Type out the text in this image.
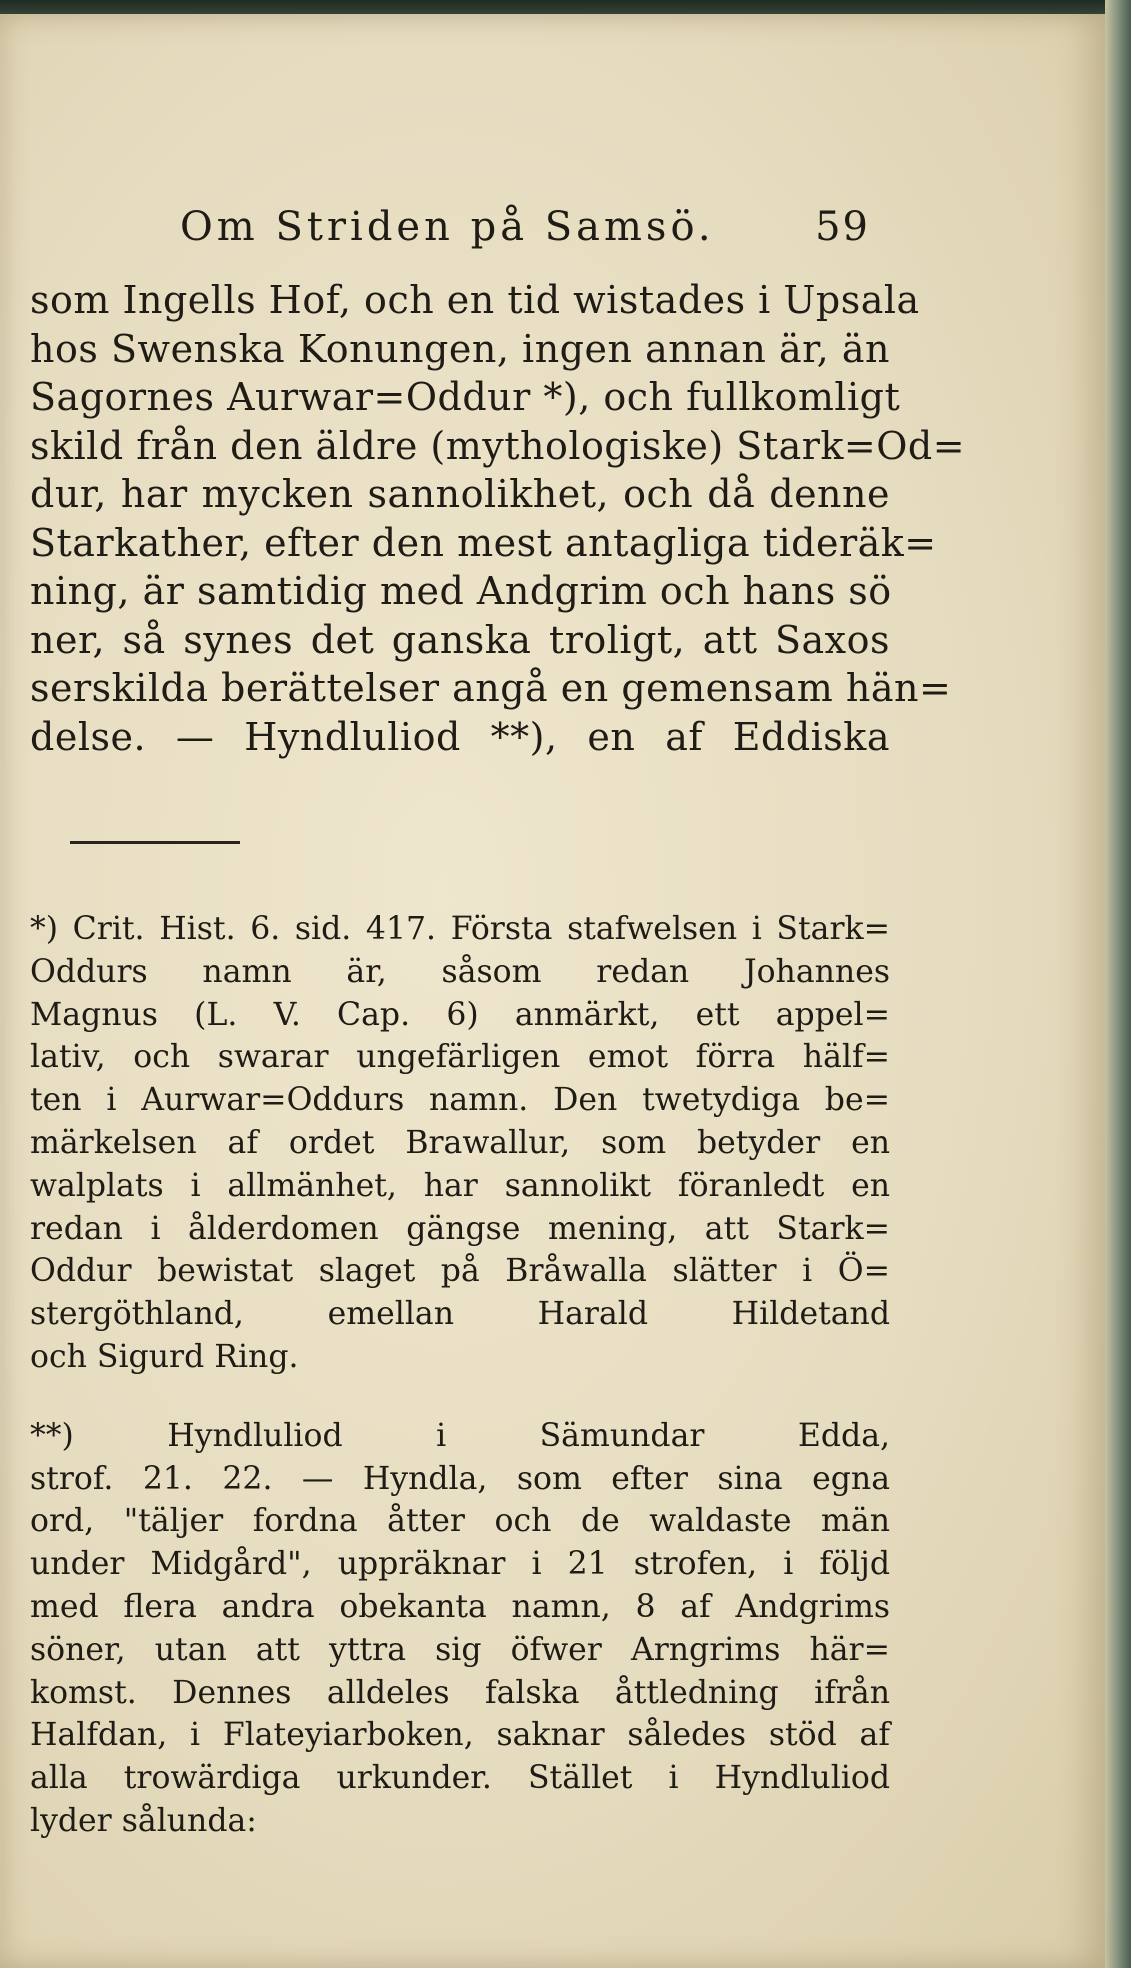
Om Striden på Samsö.	59
som Ingells Hof, och en tid wistades i Upsala
hos Swenska Konungen, ingen annan är, än
Sagornes Aurwar=Oddur *), och fullkomligt
skild från den äldre (mythologiske) Stark=Od=
dur, har mycken sannolikhet, och då denne
Starkather, efter den mest antagliga tideräk=
ning, är samtidig med Andgrim och hans sö
ner, så synes det ganska troligt, att Saxos
serskilda berättelser angå en gemensam hän=
delse. — Hyndluliod **), en af Eddiska
*) Crit. Hist. 6. sid. 417. Första stafwelsen i Stark=
Oddurs namn är, såsom redan Johannes
Magnus (L. V. Cap. 6) anmärkt, ett appel=
lativ, och swarar ungefärligen emot förra hälf=
ten i Aurwar=Oddurs namn. Den twetydiga be=
märkelsen af ordet Brawallur, som betyder en
walplats i allmänhet, har sannolikt föranledt en
redan i ålderdomen gängse mening, att Stark=
Oddur bewistat slaget på Bråwalla slätter i Ö=
stergöthland, emellan Harald Hildetand
och Sigurd Ring.
**) Hyndluliod i Sämundar Edda,
strof. 21. 22. — Hyndla, som efter sina egna
ord, "täljer fordna åtter och de waldaste män
under Midgård", uppräknar i 21 strofen, i följd
med flera andra obekanta namn, 8 af Andgrims
söner, utan att yttra sig öfwer Arngrims här=
komst. Dennes alldeles falska åttledning ifrån
Halfdan, i Flateyiarboken, saknar således stöd af
alla trowärdiga urkunder. Stället i Hyndluliod
lyder sålunda:
